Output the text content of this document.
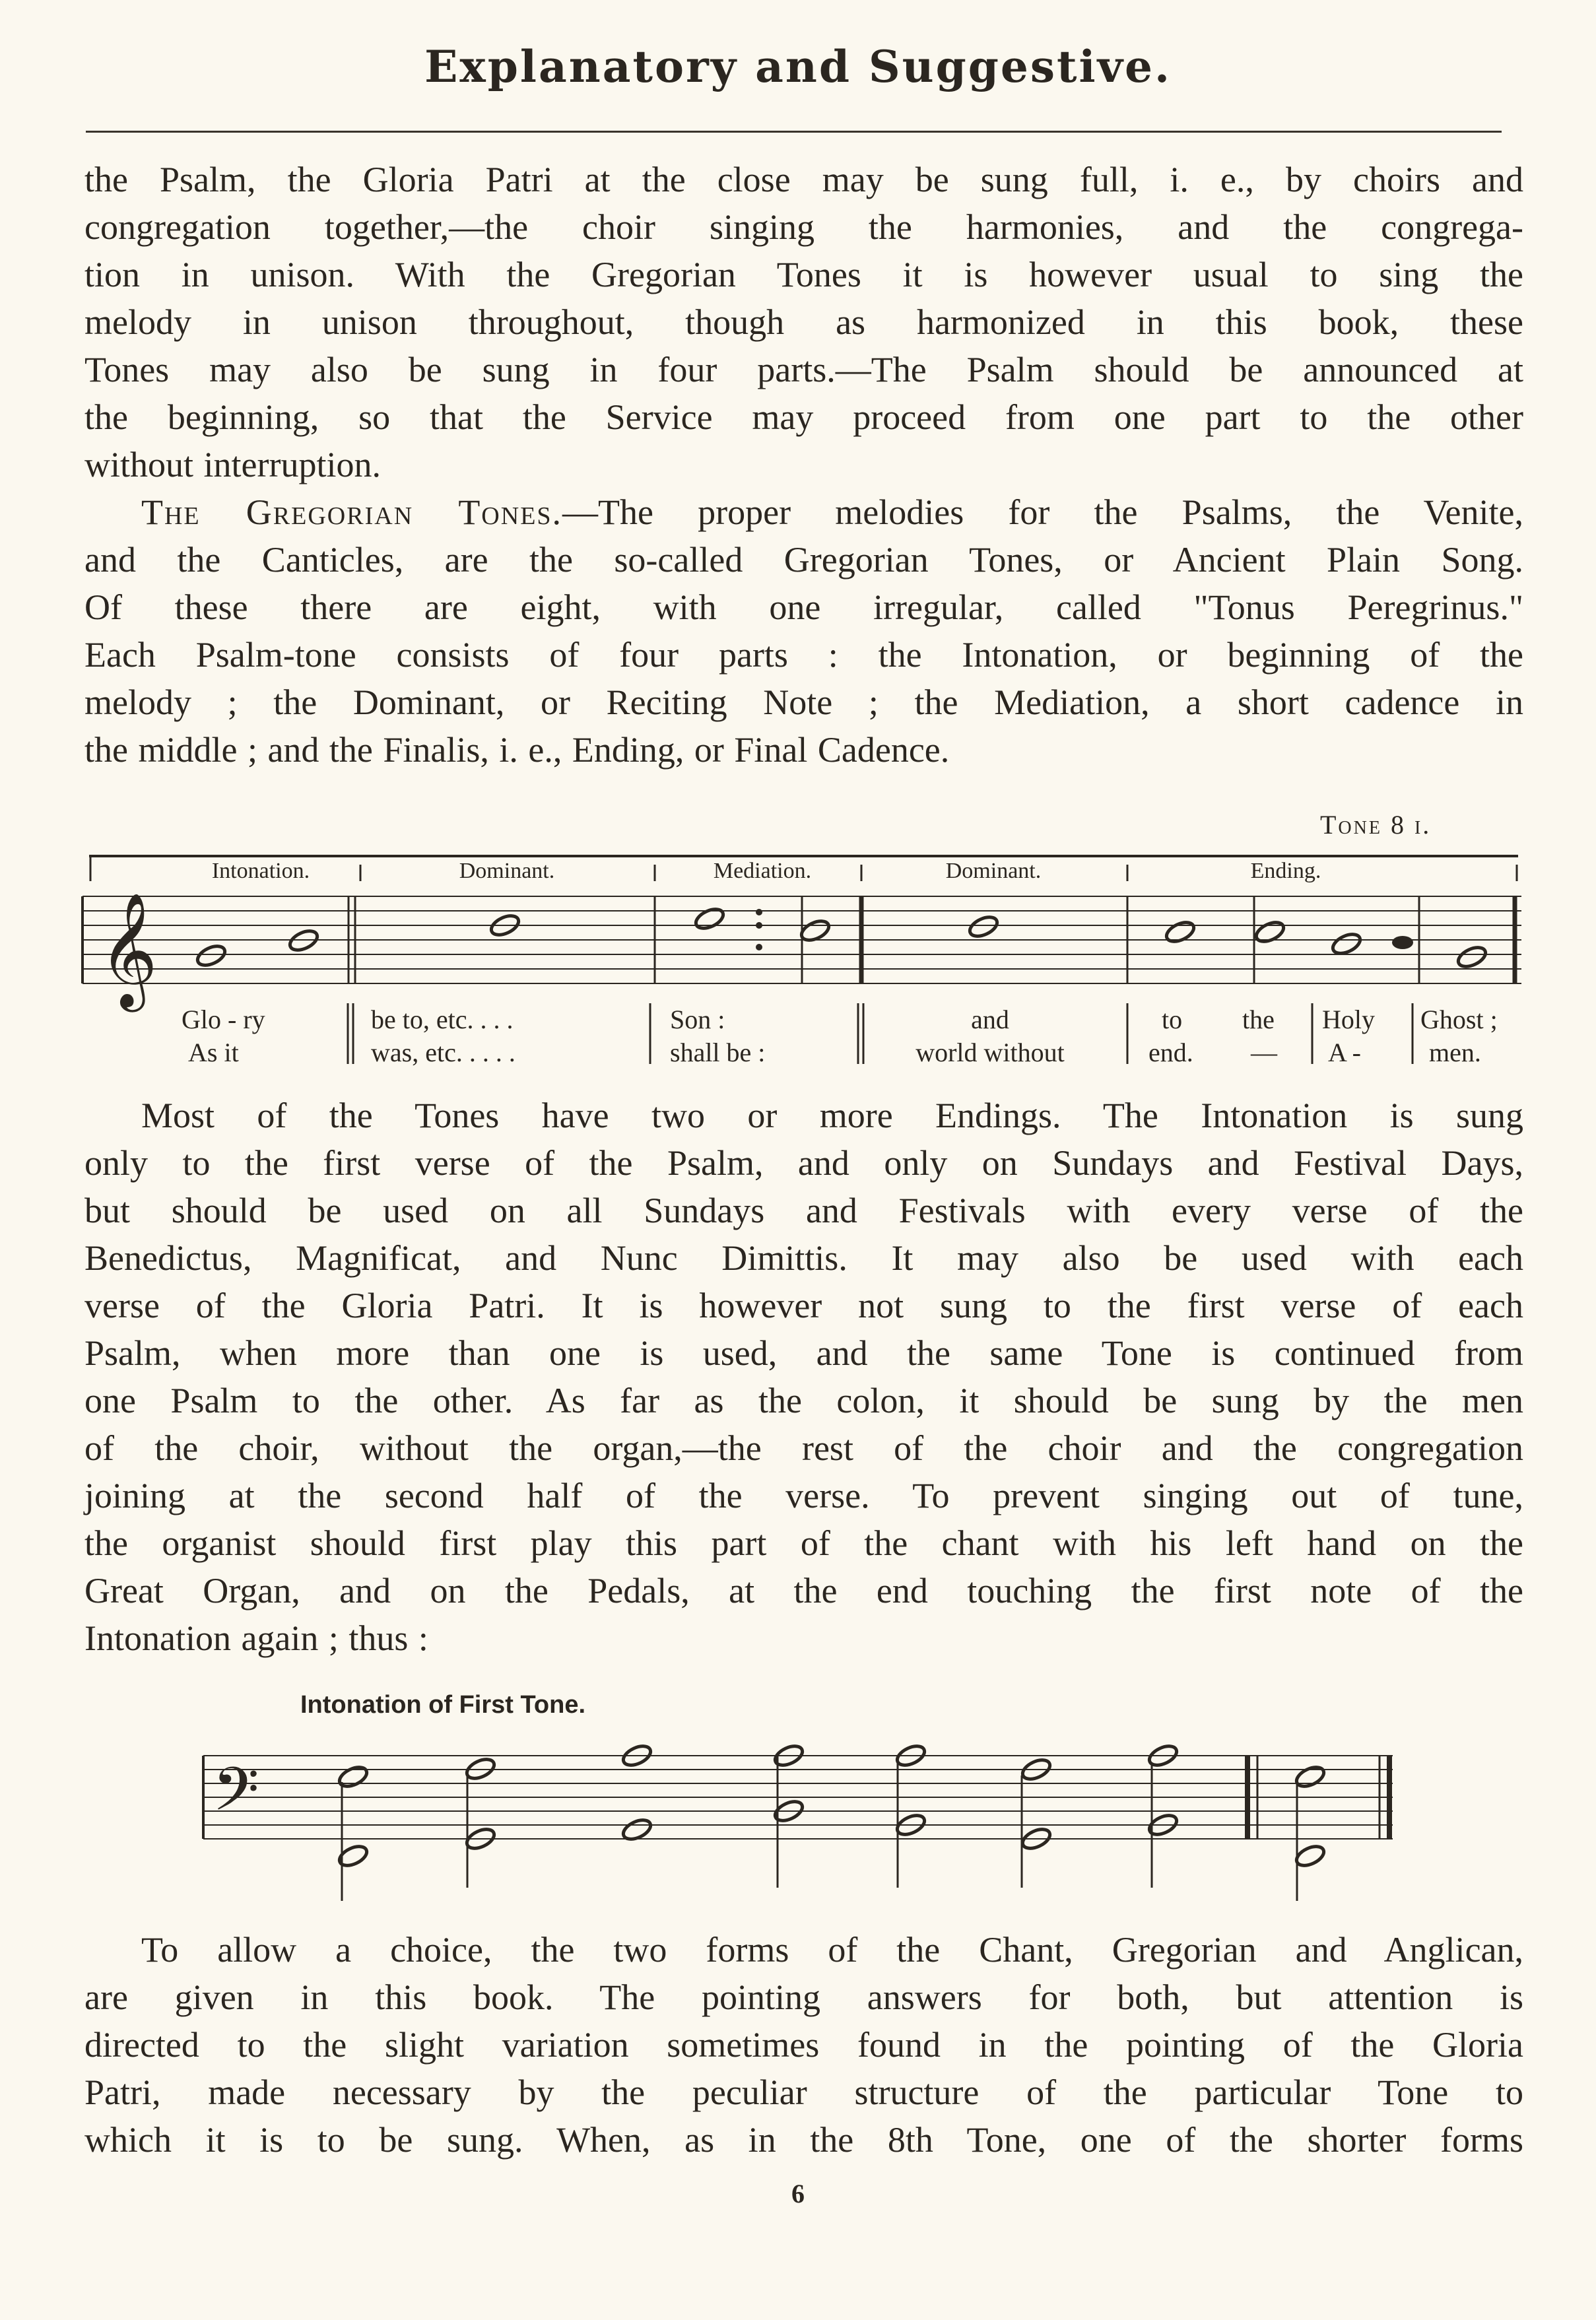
Explanatory and Suggestive.

the Psalm, the Gloria Patri at the close may be sung full, i. e., by choirs and

congregation together,—the choir singing the harmonies, and the congrega-

tion in unison. With the Gregorian Tones it is however usual to sing the

melody in unison throughout, though as harmonized in this book, these

Tones may also be sung in four parts.—The Psalm should be announced at

the beginning, so that the Service may proceed from one part to the other

without interruption.

The Gregorian Tones.—The proper melodies for the Psalms, the Venite,

and the Canticles, are the so-called Gregorian Tones, or Ancient Plain Song.

Of these there are eight, with one irregular, called "Tonus Peregrinus."

Each Psalm-tone consists of four parts : the Intonation, or beginning of the

melody ; the Dominant, or Reciting Note ; the Mediation, a short cadence in

the middle ; and the Finalis, i. e., Ending, or Final Cadence.

Tone 8 i.
Intonation.	Dominant.	Mediation.	Dominant.	Ending.
𝄞
Glo - ry	be to, etc. . . .	Son :	and	to the Holy Ghost ;
As it	was, etc. . . . .	shall be :	world without	end. — A -	men.

Most of the Tones have two or more Endings. The Intonation is sung

only to the first verse of the Psalm, and only on Sundays and Festival Days,

but should be used on all Sundays and Festivals with every verse of the

Benedictus, Magnificat, and Nunc Dimittis. It may also be used with each

verse of the Gloria Patri. It is however not sung to the first verse of each

Psalm, when more than one is used, and the same Tone is continued from

one Psalm to the other. As far as the colon, it should be sung by the men

of the choir, without the organ,—the rest of the choir and the congregation

joining at the second half of the verse. To prevent singing out of tune,

the organist should first play this part of the chant with his left hand on the

Great Organ, and on the Pedals, at the end touching the first note of the

Intonation again ; thus :

Intonation of First Tone.
𝄢

To allow a choice, the two forms of the Chant, Gregorian and Anglican,

are given in this book. The pointing answers for both, but attention is

directed to the slight variation sometimes found in the pointing of the Gloria

Patri, made necessary by the peculiar structure of the particular Tone to

which it is to be sung. When, as in the 8th Tone, one of the shorter forms

6
